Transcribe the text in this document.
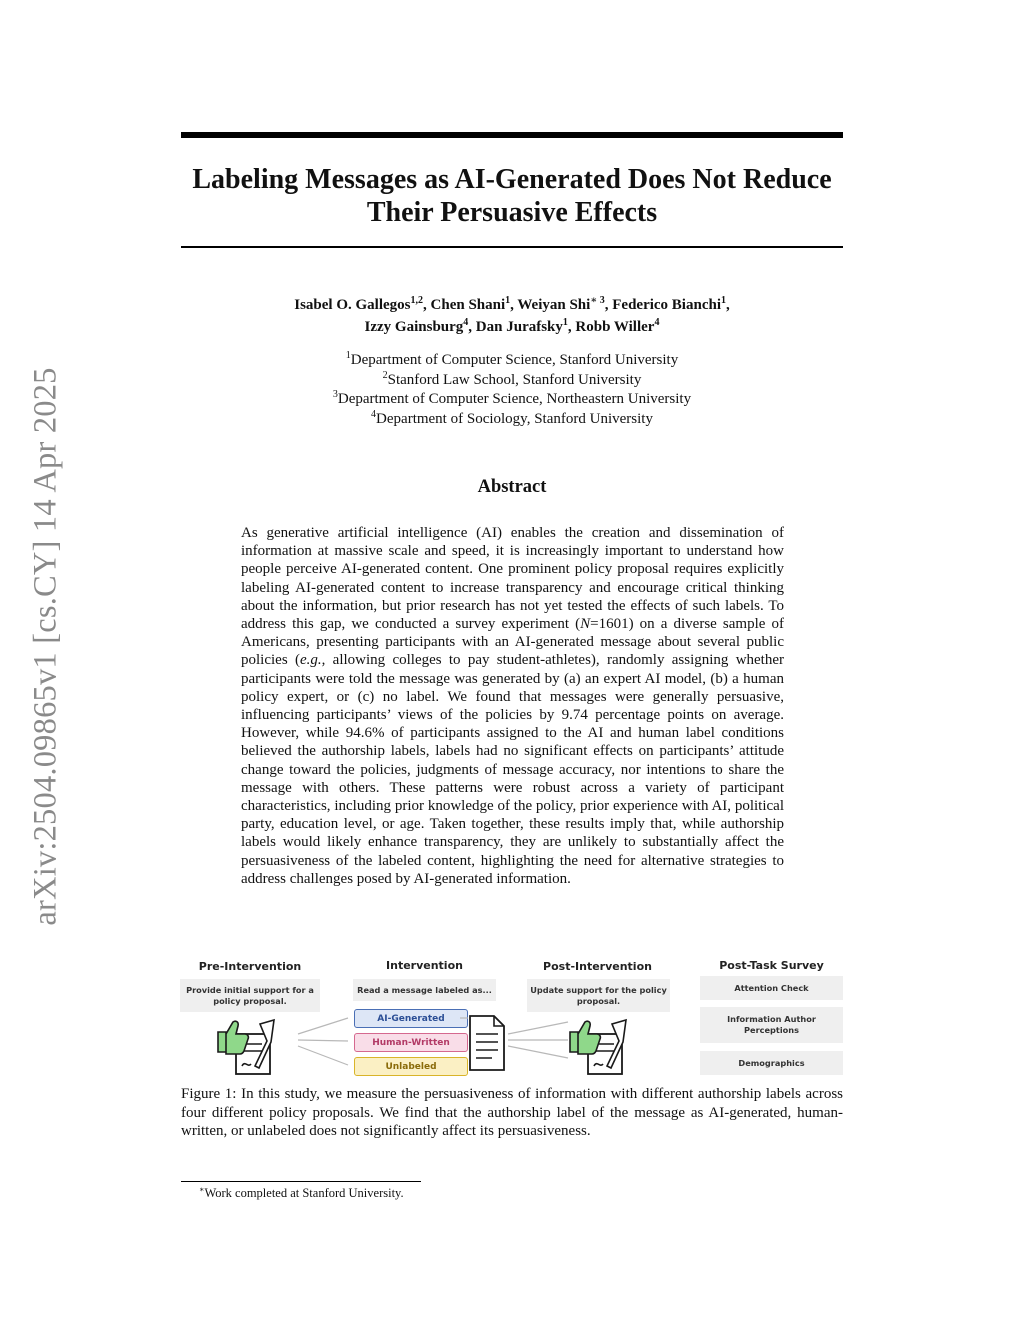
arXiv:2504.09865v1 [cs.CY] 14 Apr 2025
Labeling Messages as AI-Generated Does Not Reduce
Their Persuasive Effects
Isabel O. Gallegos$^{1,2}$, Chen Shani$^1$, Weiyan Shi$^{∗ 3}$, Federico Bianchi$^1$,
Izzy Gainsburg$^4$, Dan Jurafsky$^1$, Robb Willer$^4$
$^1$Department of Computer Science, Stanford University
$^2$Stanford Law School, Stanford University
$^3$Department of Computer Science, Northeastern University
$^4$Department of Sociology, Stanford University
Abstract

As generative artificial intelligence (AI) enables the creation and dissemination of information at massive scale and speed, it is increasingly important to understand how people perceive AI-generated content. One prominent policy proposal requires explicitly labeling AI-generated content to increase transparency and encourage critical thinking about the information, but prior research has not yet tested the effects of such labels. To address this gap, we conducted a survey experiment (N=1601) on a diverse sample of Americans, presenting participants with an AI-generated message about several public policies (e.g., allowing colleges to pay student-athletes), randomly assigning whether participants were told the message was generated by (a) an expert AI model, (b) a human policy expert, or (c) no label. We found that messages were generally persuasive, influencing participants’ views of the policies by 9.74 percentage points on average. However, while 94.6% of participants assigned to the AI and human label conditions believed the authorship labels, labels had no significant effects on participants’ attitude change toward the policies, judgments of message accuracy, nor intentions to share the message with others. These patterns were robust across a variety of participant characteristics, including prior knowledge of the policy, prior experience with AI, political party, education level, or age. Taken together, these results imply that, while authorship labels would likely enhance transparency, they are unlikely to substantially affect the persuasiveness of the labeled content, highlighting the need for alternative strategies to address challenges posed by AI-generated information.

Pre-Intervention	Intervention	Post-Intervention	Post-Task Survey
Provide initial support for a policy proposal.
Read a message labeled as...	Update support for the policy proposal.
Attention Check
Information Author Perceptions
Demographics
AI-Generated
Human-Written
Unlabeled

Figure 1: In this study, we measure the persuasiveness of information with different authorship labels across four different policy proposals. We find that the authorship label of the message as AI-generated, human-written, or unlabeled does not significantly affect its persuasiveness.

∗Work completed at Stanford University.
